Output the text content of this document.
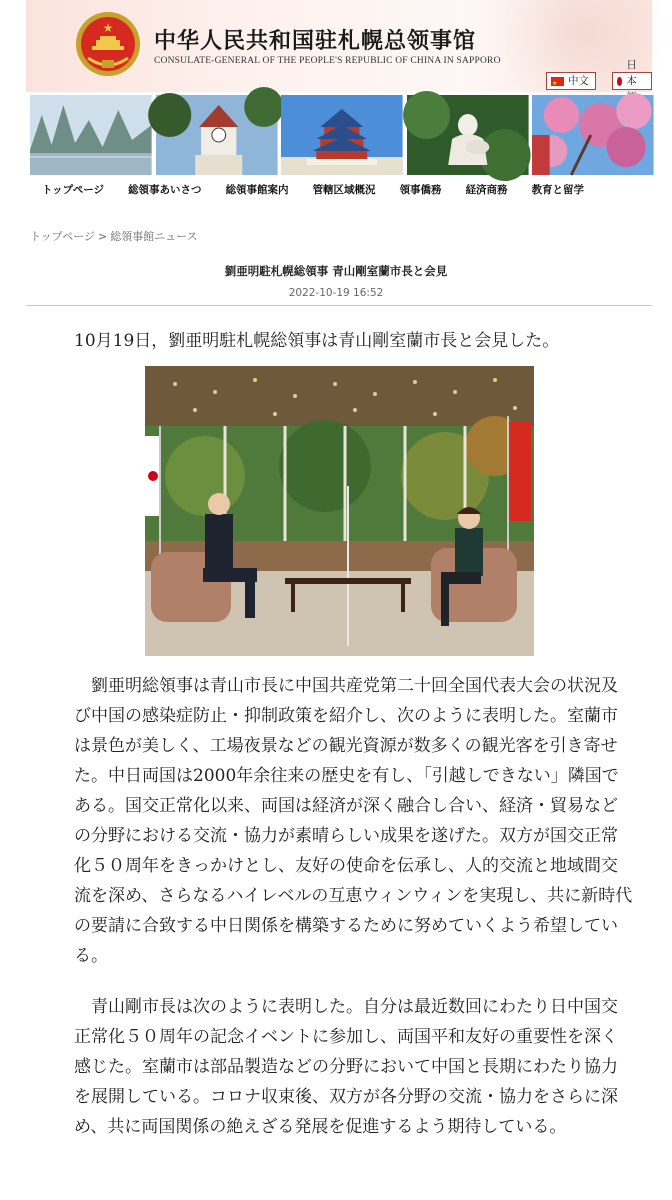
★ 中华人民共和国驻札幌总领事馆
CONSULATE-GENERAL OF THE PEOPLE'S REPUBLIC OF CHINA IN SAPPORO
★
中文
日本
トップページ	総領事あいさつ	総領事館案内	管轄区域概況	領事僑務	経済商務	教育と留学
トップページ > 総領事館ニュース
劉亜明駐札幌総領事 青山剛室蘭市長と会見
2022-10-19 16:52

10月19日，劉亜明駐札幌総領事は青山剛室蘭市長と会見した。

　劉亜明総領事は青山市長に中国共産党第二十回全国代表大会の状況及び中国の感染症防止・抑制政策を紹介し、次のように表明した。室蘭市は景色が美しく、工場夜景などの観光資源が数多くの観光客を引き寄せた。中日両国は2000年余往来の歴史を有し、「引越しできない」隣国である。国交正常化以来、両国は経済が深く融合し合い、経済・貿易などの分野における交流・協力が素晴らしい成果を遂げた。双方が国交正常化５０周年をきっかけとし、友好の使命を伝承し、人的交流と地域間交流を深め、さらなるハイレベルの互恵ウィンウィンを実現し、共に新時代の要請に合致する中日関係を構築するために努めていくよう希望している。

　青山剛市長は次のように表明した。自分は最近数回にわたり日中国交正常化５０周年の記念イベントに参加し、両国平和友好の重要性を深く感じた。室蘭市は部品製造などの分野において中国と長期にわたり協力を展開している。コロナ収束後、双方が各分野の交流・協力をさらに深め、共に両国関係の絶えざる発展を促進するよう期待している。
